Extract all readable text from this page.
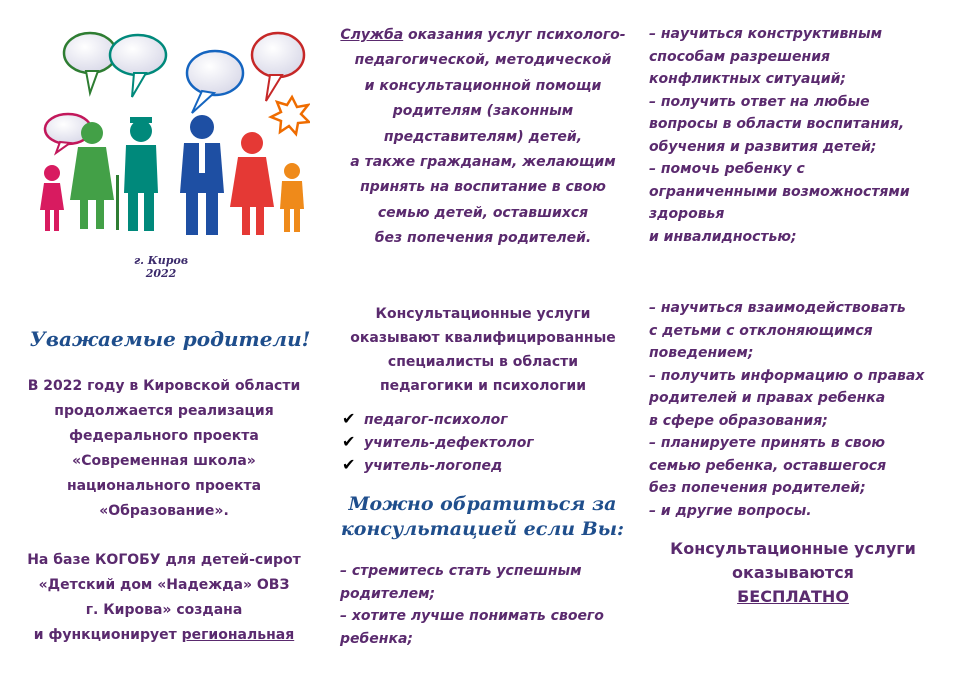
г. Киров
2022
Уважаемые родители!
В 2022 году в Кировской области
продолжается реализация
федерального проекта
«Современная школа»
национального проекта
«Образование».
На базе КОГОБУ для детей-сирот
«Детский дом «Надежда» ОВЗ
г. Кирова» создана
и функционирует региональная
Служба оказания услуг психолого-
педагогической, методической
и консультационной помощи
родителям (законным
представителям) детей,
а также гражданам, желающим
принять на воспитание в свою
семью детей, оставшихся
без попечения родителей.
Консультационные услуги
оказывают квалифицированные
специалисты в области
педагогики и психологии
✔ педагог-психолог
✔ учитель-дефектолог
✔ учитель-логопед
Можно обратиться за
консультацией если Вы:
– стремитесь стать успешным
родителем;
– хотите лучше понимать своего
ребенка;
– научиться конструктивным
способам разрешения
конфликтных ситуаций;
– получить ответ на любые
вопросы в области воспитания,
обучения и развития детей;
– помочь ребенку с
ограниченными возможностями
здоровья
и инвалидностью;
– научиться взаимодействовать
с детьми с отклоняющимся
поведением;
– получить информацию о правах
родителей и правах ребенка
в сфере образования;
– планируете принять в свою
семью ребенка, оставшегося
без попечения родителей;
– и другие вопросы.
Консультационные услуги
оказываются
БЕСПЛАТНО
